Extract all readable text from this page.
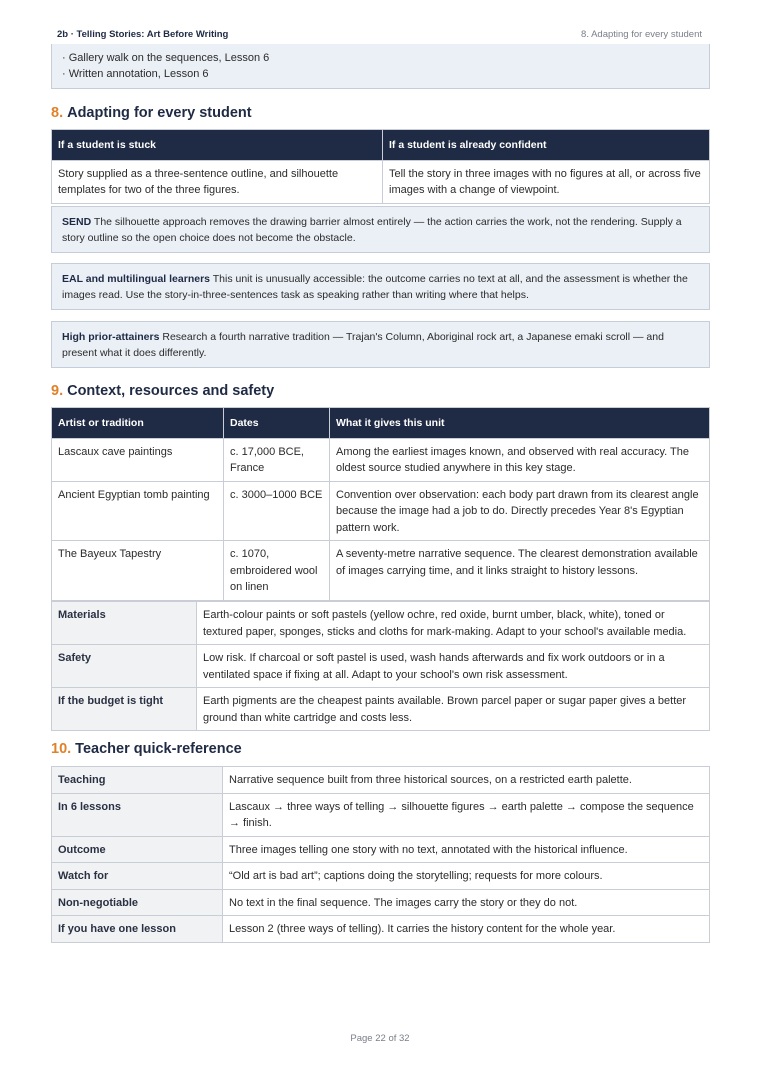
2b · Telling Stories: Art Before Writing	8. Adapting for every student
· Gallery walk on the sequences, Lesson 6
· Written annotation, Lesson 6
8. Adapting for every student
If a student is stuck	If a student is already confident
Story supplied as a three-sentence outline, and silhouette templates for two of the three figures.	Tell the story in three images with no figures at all, or across five images with a change of viewpoint.
SEND The silhouette approach removes the drawing barrier almost entirely — the action carries the work, not the rendering. Supply a story outline so the open choice does not become the obstacle.
EAL and multilingual learners This unit is unusually accessible: the outcome carries no text at all, and the assessment is whether the images read. Use the story-in-three-sentences task as speaking rather than writing where that helps.
High prior-attainers Research a fourth narrative tradition — Trajan's Column, Aboriginal rock art, a Japanese emaki scroll — and present what it does differently.
9. Context, resources and safety
Artist or tradition	Dates	What it gives this unit
Lascaux cave paintings	c. 17,000 BCE, France	Among the earliest images known, and observed with real accuracy. The oldest source studied anywhere in this key stage.
Ancient Egyptian tomb painting	c. 3000–1000 BCE	Convention over observation: each body part drawn from its clearest angle because the image had a job to do. Directly precedes Year 8's Egyptian pattern work.
The Bayeux Tapestry	c. 1070, embroidered wool on linen	A seventy-metre narrative sequence. The clearest demonstration available of images carrying time, and it links straight to history lessons.
Materials	Earth-colour paints or soft pastels (yellow ochre, red oxide, burnt umber, black, white), toned or textured paper, sponges, sticks and cloths for mark-making. Adapt to your school's available media.
Safety	Low risk. If charcoal or soft pastel is used, wash hands afterwards and fix work outdoors or in a ventilated space if fixing at all. Adapt to your school's own risk assessment.
If the budget is tight	Earth pigments are the cheapest paints available. Brown parcel paper or sugar paper gives a better ground than white cartridge and costs less.
10. Teacher quick-reference
Teaching	Narrative sequence built from three historical sources, on a restricted earth palette.
In 6 lessons	Lascaux → three ways of telling → silhouette figures → earth palette → compose the sequence → finish.
Outcome	Three images telling one story with no text, annotated with the historical influence.
Watch for	“Old art is bad art”; captions doing the storytelling; requests for more colours.
Non-negotiable	No text in the final sequence. The images carry the story or they do not.
If you have one lesson	Lesson 2 (three ways of telling). It carries the history content for the whole year.
Page 22 of 32
